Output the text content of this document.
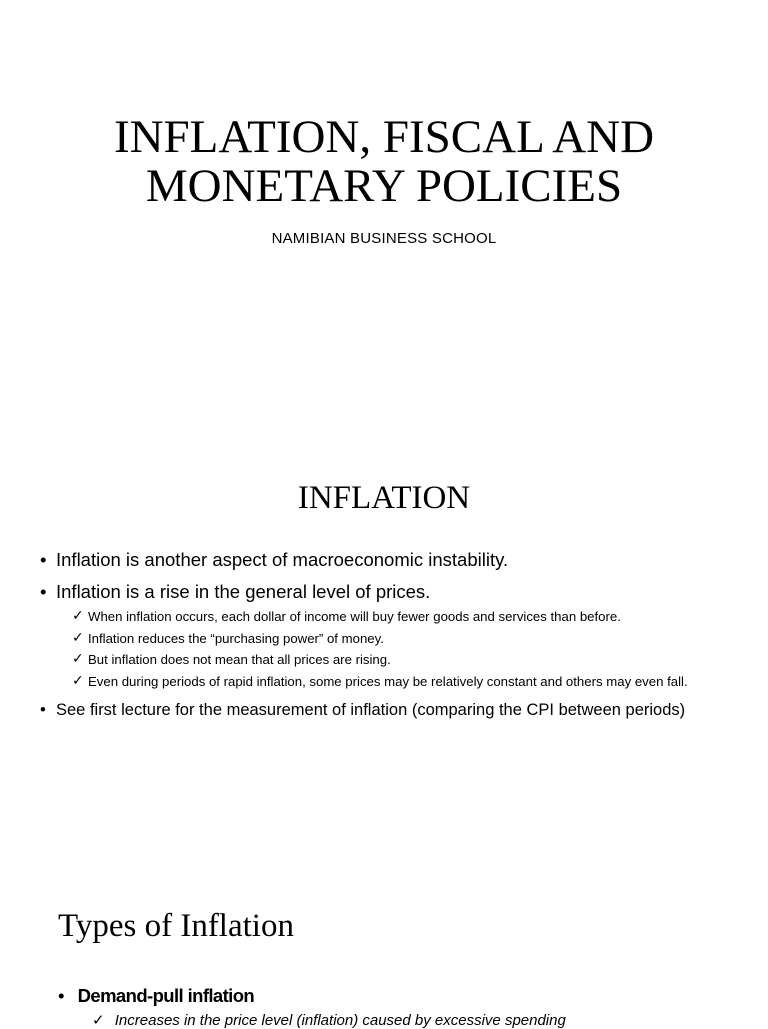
INFLATION, FISCAL AND
MONETARY POLICIES
NAMIBIAN BUSINESS SCHOOL
INFLATION
• Inflation is another aspect of macroeconomic instability.
• Inflation is a rise in the general level of prices.
✓ When inflation occurs, each dollar of income will buy fewer goods and services than before.
✓ Inflation reduces the “purchasing power” of money.
✓ But inflation does not mean that all prices are rising.
✓ Even during periods of rapid inflation, some prices may be relatively constant and others may even fall.
• See first lecture for the measurement of inflation (comparing the CPI between periods)
Types of Inflation
• Demand-pull inflation
✓ Increases in the price level (inflation) caused by excessive spending
